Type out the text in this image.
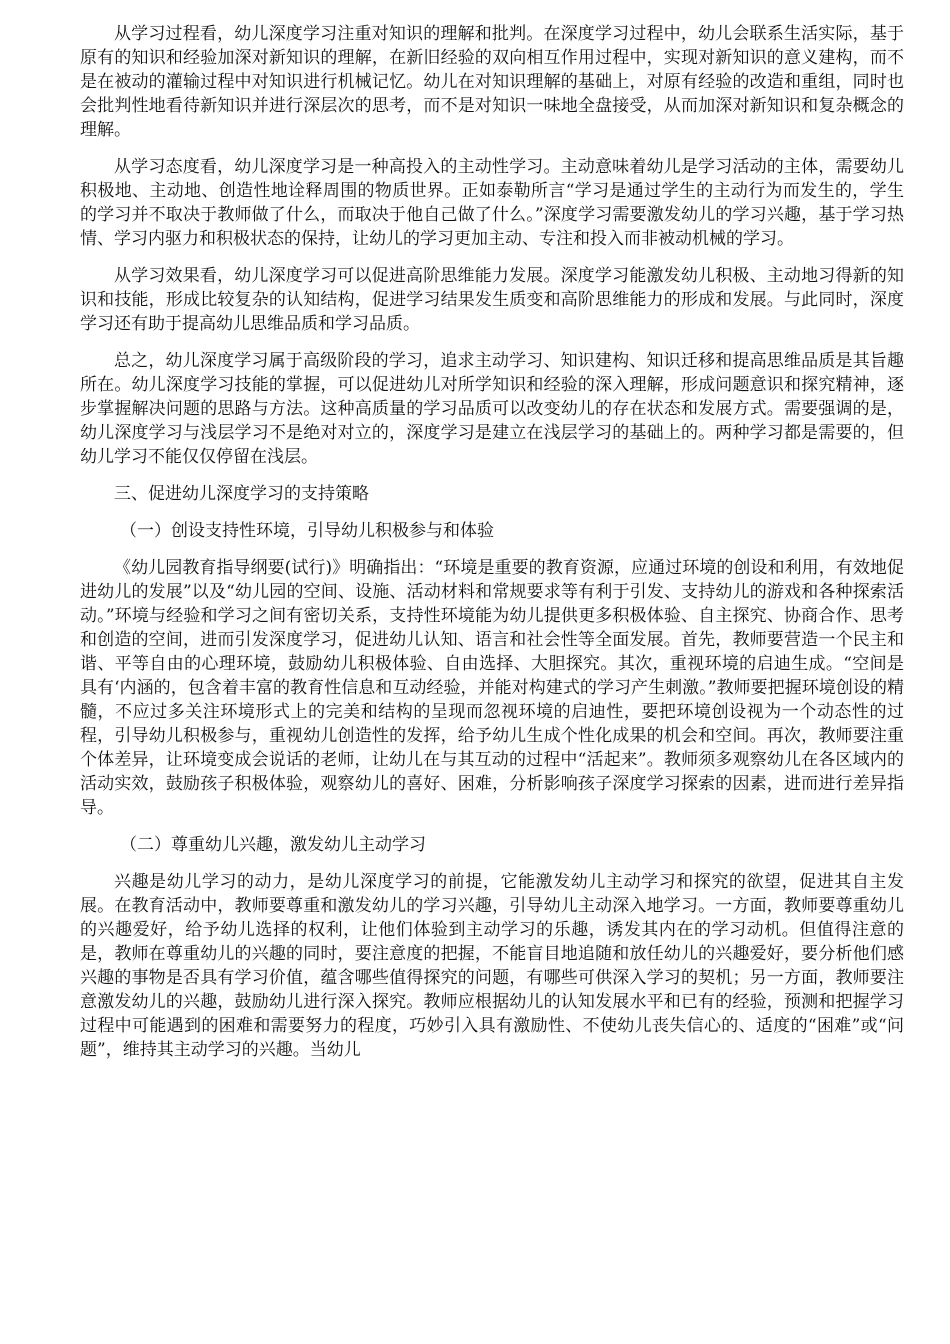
从学习过程看，幼儿深度学习注重对知识的理解和批判。在深度学习过程中，幼儿会联系生活实际，基于原有的知识和经验加深对新知识的理解，在新旧经验的双向相互作用过程中，实现对新知识的意义建构，而不是在被动的灌输过程中对知识进行机械记忆。幼儿在对知识理解的基础上，对原有经验的改造和重组，同时也会批判性地看待新知识并进行深层次的思考，而不是对知识一味地全盘接受，从而加深对新知识和复杂概念的理解。

从学习态度看，幼儿深度学习是一种高投入的主动性学习。主动意味着幼儿是学习活动的主体，需要幼儿积极地、主动地、创造性地诠释周围的物质世界。正如泰勒所言“学习是通过学生的主动行为而发生的，学生的学习并不取决于教师做了什么，而取决于他自己做了什么。”深度学习需要激发幼儿的学习兴趣，基于学习热情、学习内驱力和积极状态的保持，让幼儿的学习更加主动、专注和投入而非被动机械的学习。

从学习效果看，幼儿深度学习可以促进高阶思维能力发展。深度学习能激发幼儿积极、主动地习得新的知识和技能，形成比较复杂的认知结构，促进学习结果发生质变和高阶思维能力的形成和发展。与此同时，深度学习还有助于提高幼儿思维品质和学习品质。

总之，幼儿深度学习属于高级阶段的学习，追求主动学习、知识建构、知识迁移和提高思维品质是其旨趣所在。幼儿深度学习技能的掌握，可以促进幼儿对所学知识和经验的深入理解，形成问题意识和探究精神，逐步掌握解决问题的思路与方法。这种高质量的学习品质可以改变幼儿的存在状态和发展方式。需要强调的是，幼儿深度学习与浅层学习不是绝对对立的，深度学习是建立在浅层学习的基础上的。两种学习都是需要的，但幼儿学习不能仅仅停留在浅层。

三、促进幼儿深度学习的支持策略

（一）创设支持性环境，引导幼儿积极参与和体验

《幼儿园教育指导纲要(试行)》明确指出：“环境是重要的教育资源，应通过环境的创设和利用，有效地促进幼儿的发展”以及“幼儿园的空间、设施、活动材料和常规要求等有利于引发、支持幼儿的游戏和各种探索活动。”环境与经验和学习之间有密切关系，支持性环境能为幼儿提供更多积极体验、自主探究、协商合作、思考和创造的空间，进而引发深度学习，促进幼儿认知、语言和社会性等全面发展。首先，教师要营造一个民主和谐、平等自由的心理环境，鼓励幼儿积极体验、自由选择、大胆探究。其次，重视环境的启迪生成。“空间是具有‘内涵的，包含着丰富的教育性信息和互动经验，并能对构建式的学习产生刺激。”教师要把握环境创设的精髓，不应过多关注环境形式上的完美和结构的呈现而忽视环境的启迪性，要把环境创设视为一个动态性的过程，引导幼儿积极参与，重视幼儿创造性的发挥，给予幼儿生成个性化成果的机会和空间。再次，教师要注重个体差异，让环境变成会说话的老师，让幼儿在与其互动的过程中“活起来”。教师须多观察幼儿在各区域内的活动实效，鼓励孩子积极体验，观察幼儿的喜好、困难，分析影响孩子深度学习探索的因素，进而进行差异指导。

（二）尊重幼儿兴趣，激发幼儿主动学习

兴趣是幼儿学习的动力，是幼儿深度学习的前提，它能激发幼儿主动学习和探究的欲望，促进其自主发展。在教育活动中，教师要尊重和激发幼儿的学习兴趣，引导幼儿主动深入地学习。一方面，教师要尊重幼儿的兴趣爱好，给予幼儿选择的权利，让他们体验到主动学习的乐趣，诱发其内在的学习动机。但值得注意的是，教师在尊重幼儿的兴趣的同时，要注意度的把握，不能盲目地追随和放任幼儿的兴趣爱好，要分析他们感兴趣的事物是否具有学习价值，蕴含哪些值得探究的问题，有哪些可供深入学习的契机；另一方面，教师要注意激发幼儿的兴趣，鼓励幼儿进行深入探究。教师应根据幼儿的认知发展水平和已有的经验，预测和把握学习过程中可能遇到的困难和需要努力的程度，巧妙引入具有激励性、不使幼儿丧失信心的、适度的“困难”或“问题”，维持其主动学习的兴趣。当幼儿
